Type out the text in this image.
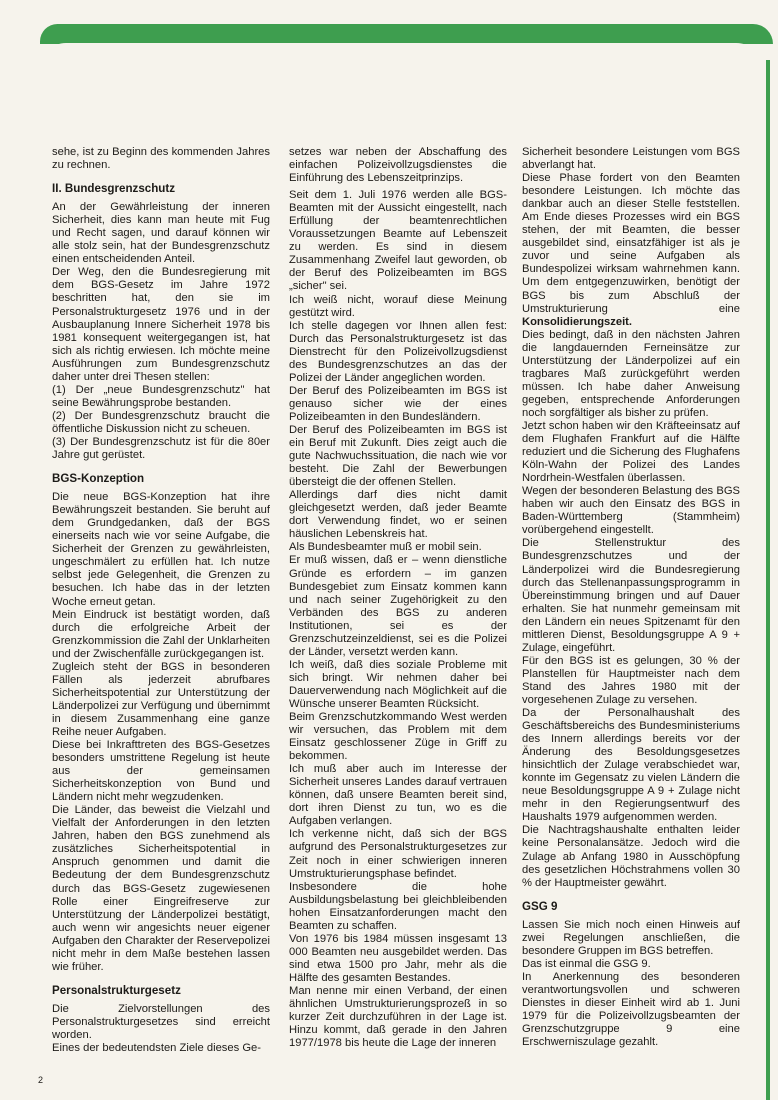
sehe, ist zu Beginn des kommenden Jahres zu rechnen.

II. Bundesgrenzschutz

An der Gewährleistung der inneren Sicherheit, dies kann man heute mit Fug und Recht sagen, und darauf können wir alle stolz sein, hat der Bundesgrenzschutz einen entscheidenden Anteil.

Der Weg, den die Bundesregierung mit dem BGS-Gesetz im Jahre 1972 beschritten hat, den sie im Personalstrukturgesetz 1976 und in der Ausbauplanung Innere Sicherheit 1978 bis 1981 konsequent weitergegangen ist, hat sich als richtig erwiesen. Ich möchte meine Ausführungen zum Bundesgrenzschutz daher unter drei Thesen stellen:

(1) Der „neue Bundesgrenzschutz" hat seine Bewährungsprobe bestanden.

(2) Der Bundesgrenzschutz braucht die öffentliche Diskussion nicht zu scheuen.

(3) Der Bundesgrenzschutz ist für die 80er Jahre gut gerüstet.

BGS-Konzeption

Die neue BGS-Konzeption hat ihre Bewährungszeit bestanden. Sie beruht auf dem Grundgedanken, daß der BGS einerseits nach wie vor seine Aufgabe, die Sicherheit der Grenzen zu gewährleisten, ungeschmälert zu erfüllen hat. Ich nutze selbst jede Gelegenheit, die Grenzen zu besuchen. Ich habe das in der letzten Woche erneut getan.

Mein Eindruck ist bestätigt worden, daß durch die erfolgreiche Arbeit der Grenzkommission die Zahl der Unklarheiten und der Zwischenfälle zurückgegangen ist.

Zugleich steht der BGS in besonderen Fällen als jederzeit abrufbares Sicherheitspotential zur Unterstützung der Länderpolizei zur Verfügung und übernimmt in diesem Zusammenhang eine ganze Reihe neuer Aufgaben.

Diese bei Inkrafttreten des BGS-Gesetzes besonders umstrittene Regelung ist heute aus der gemeinsamen Sicherheitskonzeption von Bund und Ländern nicht mehr wegzudenken.

Die Länder, das beweist die Vielzahl und Vielfalt der Anforderungen in den letzten Jahren, haben den BGS zunehmend als zusätzliches Sicherheitspotential in Anspruch genommen und damit die Bedeutung der dem Bundesgrenzschutz durch das BGS-Gesetz zugewiesenen Rolle einer Eingreifreserve zur Unterstützung der Länderpolizei bestätigt, auch wenn wir angesichts neuer eigener Aufgaben den Charakter der Reservepolizei nicht mehr in dem Maße bestehen lassen wie früher.

Personalstrukturgesetz

Die Zielvorstellungen des Personalstrukturgesetzes sind erreicht worden.

Eines der bedeutendsten Ziele dieses Ge-

setzes war neben der Abschaffung des einfachen Polizeivollzugsdienstes die Einführung des Lebenszeitprinzips.

Seit dem 1. Juli 1976 werden alle BGS-Beamten mit der Aussicht eingestellt, nach Erfüllung der beamtenrechtlichen Voraussetzungen Beamte auf Lebenszeit zu werden. Es sind in diesem Zusammenhang Zweifel laut geworden, ob der Beruf des Polizeibeamten im BGS „sicher" sei.

Ich weiß nicht, worauf diese Meinung gestützt wird.

Ich stelle dagegen vor Ihnen allen fest: Durch das Personalstrukturgesetz ist das Dienstrecht für den Polizeivollzugsdienst des Bundesgrenzschutzes an das der Polizei der Länder angeglichen worden.

Der Beruf des Polizeibeamten im BGS ist genauso sicher wie der eines Polizeibeamten in den Bundesländern.

Der Beruf des Polizeibeamten im BGS ist ein Beruf mit Zukunft. Dies zeigt auch die gute Nachwuchssituation, die nach wie vor besteht. Die Zahl der Bewerbungen übersteigt die der offenen Stellen.

Allerdings darf dies nicht damit gleichgesetzt werden, daß jeder Beamte dort Verwendung findet, wo er seinen häuslichen Lebenskreis hat.

Als Bundesbeamter muß er mobil sein.

Er muß wissen, daß er – wenn dienstliche Gründe es erfordern – im ganzen Bundesgebiet zum Einsatz kommen kann und nach seiner Zugehörigkeit zu den Verbänden des BGS zu anderen Institutionen, sei es der Grenzschutzeinzeldienst, sei es die Polizei der Länder, versetzt werden kann.

Ich weiß, daß dies soziale Probleme mit sich bringt. Wir nehmen daher bei Dauerverwendung nach Möglichkeit auf die Wünsche unserer Beamten Rücksicht.

Beim Grenzschutzkommando West werden wir versuchen, das Problem mit dem Einsatz geschlossener Züge in Griff zu bekommen.

Ich muß aber auch im Interesse der Sicherheit unseres Landes darauf vertrauen können, daß unsere Beamten bereit sind, dort ihren Dienst zu tun, wo es die Aufgaben verlangen.

Ich verkenne nicht, daß sich der BGS aufgrund des Personalstrukturgesetzes zur Zeit noch in einer schwierigen inneren Umstrukturierungsphase befindet.

Insbesondere die hohe Ausbildungsbelastung bei gleichbleibenden hohen Einsatzanforderungen macht den Beamten zu schaffen.

Von 1976 bis 1984 müssen insgesamt 13 000 Beamten neu ausgebildet werden. Das sind etwa 1500 pro Jahr, mehr als die Hälfte des gesamten Bestandes.

Man nenne mir einen Verband, der einen ähnlichen Umstrukturierungsprozeß in so kurzer Zeit durchzuführen in der Lage ist. Hinzu kommt, daß gerade in den Jahren 1977/1978 bis heute die Lage der inneren

Sicherheit besondere Leistungen vom BGS abverlangt hat.

Diese Phase fordert von den Beamten besondere Leistungen. Ich möchte das dankbar auch an dieser Stelle feststellen. Am Ende dieses Prozesses wird ein BGS stehen, der mit Beamten, die besser ausgebildet sind, einsatzfähiger ist als je zuvor und seine Aufgaben als Bundespolizei wirksam wahrnehmen kann. Um dem entgegenzuwirken, benötigt der BGS bis zum Abschluß der Umstrukturierung eine Konsolidierungszeit.

Dies bedingt, daß in den nächsten Jahren die langdauernden Ferneinsätze zur Unterstützung der Länderpolizei auf ein tragbares Maß zurückgeführt werden müssen. Ich habe daher Anweisung gegeben, entsprechende Anforderungen noch sorgfältiger als bisher zu prüfen.

Jetzt schon haben wir den Kräfteeinsatz auf dem Flughafen Frankfurt auf die Hälfte reduziert und die Sicherung des Flughafens Köln-Wahn der Polizei des Landes Nordrhein-Westfalen überlassen.

Wegen der besonderen Belastung des BGS haben wir auch den Einsatz des BGS in Baden-Württemberg (Stammheim) vorübergehend eingestellt.

Die Stellenstruktur des Bundesgrenzschutzes und der Länderpolizei wird die Bundesregierung durch das Stellenanpassungsprogramm in Übereinstimmung bringen und auf Dauer erhalten. Sie hat nunmehr gemeinsam mit den Ländern ein neues Spitzenamt für den mittleren Dienst, Besoldungsgruppe A 9 + Zulage, eingeführt.

Für den BGS ist es gelungen, 30 % der Planstellen für Hauptmeister nach dem Stand des Jahres 1980 mit der vorgesehenen Zulage zu versehen.

Da der Personalhaushalt des Geschäftsbereichs des Bundesministeriums des Innern allerdings bereits vor der Änderung des Besoldungsgesetzes hinsichtlich der Zulage verabschiedet war, konnte im Gegensatz zu vielen Ländern die neue Besoldungsgruppe A 9 + Zulage nicht mehr in den Regierungsentwurf des Haushalts 1979 aufgenommen werden.

Die Nachtragshaushalte enthalten leider keine Personalansätze. Jedoch wird die Zulage ab Anfang 1980 in Ausschöpfung des gesetzlichen Höchstrahmens vollen 30 % der Hauptmeister gewährt.

GSG 9

Lassen Sie mich noch einen Hinweis auf zwei Regelungen anschließen, die besondere Gruppen im BGS betreffen.

Das ist einmal die GSG 9.

In Anerkennung des besonderen verantwortungsvollen und schweren Dienstes in dieser Einheit wird ab 1. Juni 1979 für die Polizeivollzugsbeamten der Grenzschutzgruppe 9 eine Erschwerniszulage gezahlt.

2
